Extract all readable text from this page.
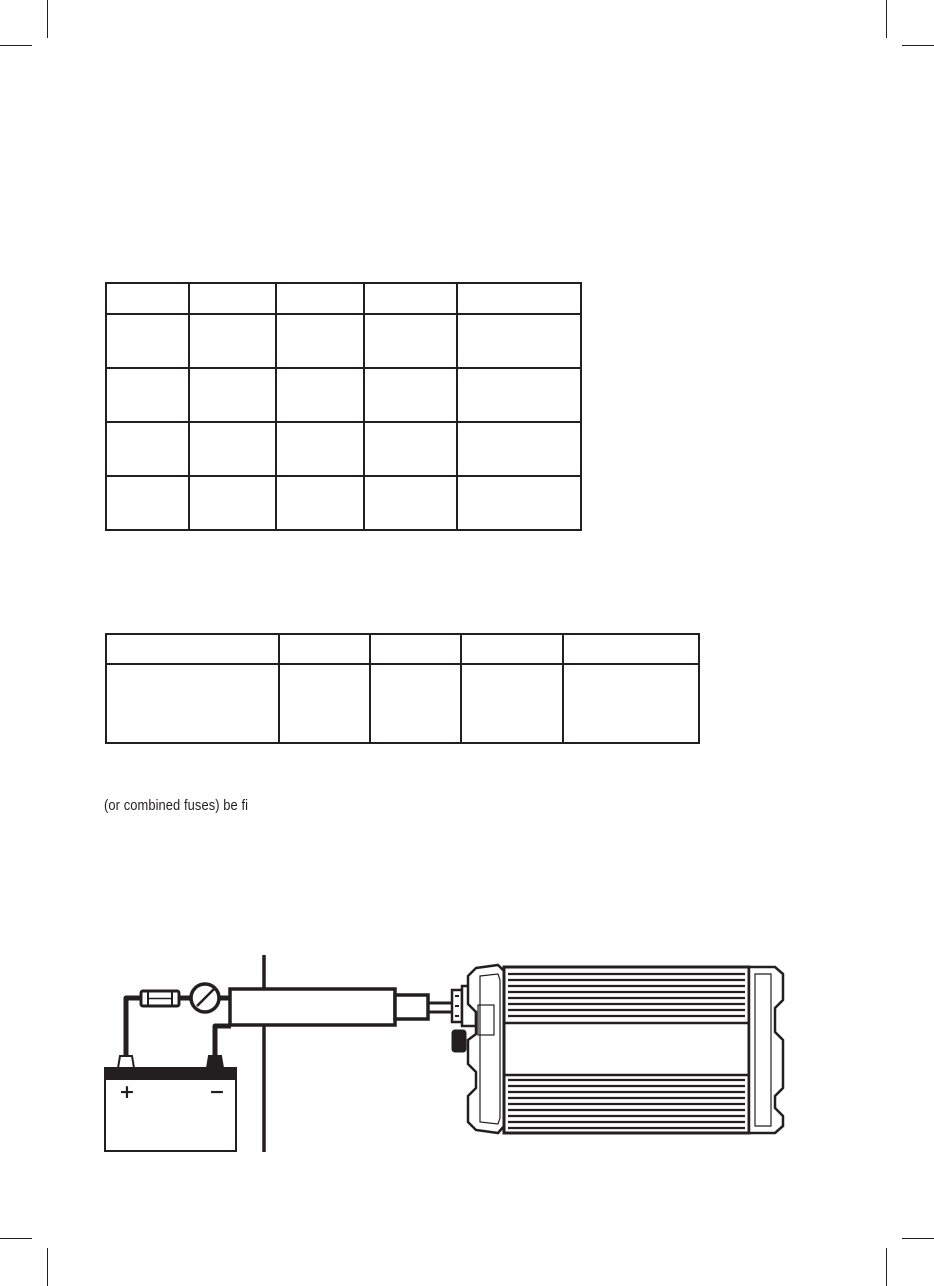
(or combined fuses) be fi

+	−
